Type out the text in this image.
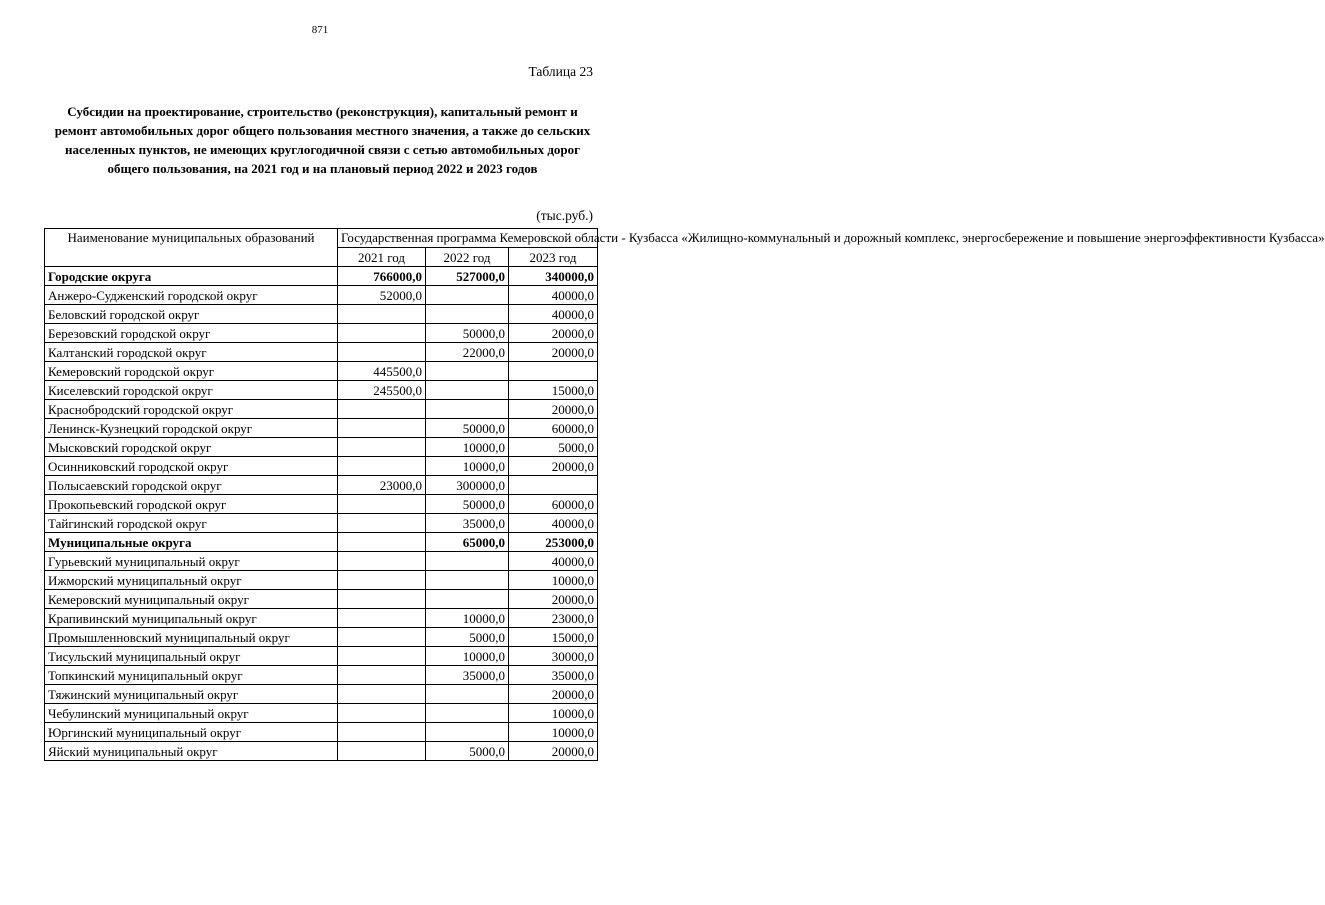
871
Таблица 23
Субсидии на проектирование, строительство (реконструкция), капитальный ремонт и ремонт автомобильных дорог общего пользования местного значения, а также до сельских населенных пунктов, не имеющих круглогодичной связи с сетью автомобильных дорог общего пользования, на 2021 год и на плановый период 2022 и 2023 годов
(тыс.руб.)
Наименование муниципальных образований	Государственная программа Кемеровской области - Кузбасса «Жилищно-коммунальный и дорожный комплекс, энергосбережение и повышение энергоэффективности Кузбасса»		
	2021 год	2022 год	2023 год
Городские округа	766000,0	527000,0	340000,0
Анжеро-Судженский городской округ	52000,0		40000,0
Беловский городской округ			40000,0
Березовский городской округ		50000,0	20000,0
Калтанский городской округ		22000,0	20000,0
Кемеровский городской округ	445500,0		
Киселевский городской округ	245500,0		15000,0
Краснобродский городской округ			20000,0
Ленинск-Кузнецкий городской округ		50000,0	60000,0
Мысковский городской округ		10000,0	5000,0
Осинниковский городской округ		10000,0	20000,0
Полысаевский городской округ	23000,0	300000,0	
Прокопьевский городской округ		50000,0	60000,0
Тайгинский городской округ		35000,0	40000,0
Муниципальные округа		65000,0	253000,0
Гурьевский муниципальный округ			40000,0
Ижморский муниципальный округ			10000,0
Кемеровский муниципальный округ			20000,0
Крапивинский муниципальный округ		10000,0	23000,0
Промышленновский муниципальный округ		5000,0	15000,0
Тисульский муниципальный округ		10000,0	30000,0
Топкинский муниципальный округ		35000,0	35000,0
Тяжинский муниципальный округ			20000,0
Чебулинский муниципальный округ			10000,0
Юргинский муниципальный округ			10000,0
Яйский муниципальный округ		5000,0	20000,0
